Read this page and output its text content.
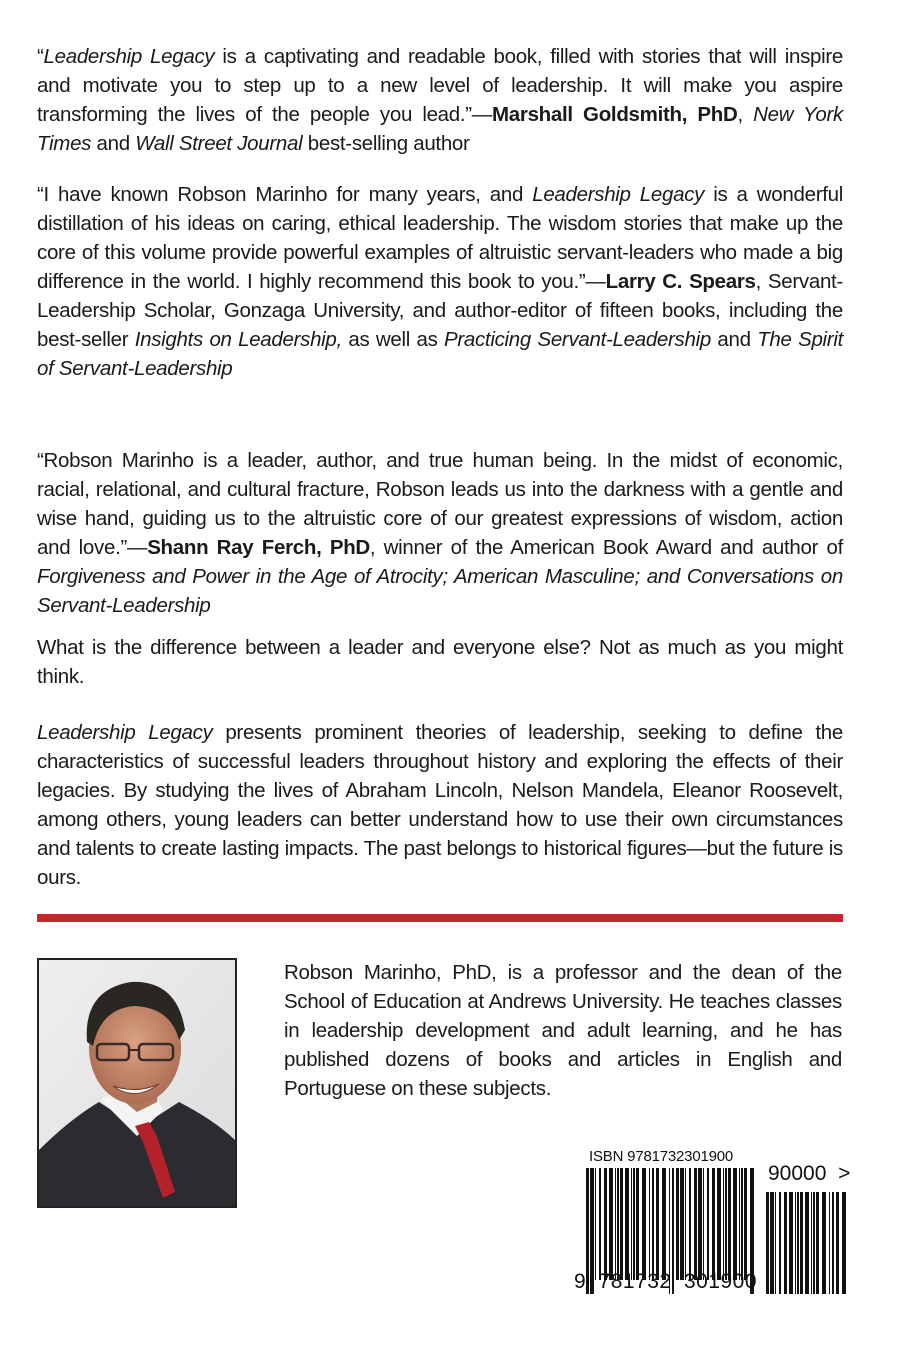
“Leadership Legacy is a captivating and readable book, filled with stories that will inspire and motivate you to step up to a new level of leadership. It will make you aspire transforming the lives of the people you lead.”—Marshall Goldsmith, PhD, New York Times and Wall Street Journal best-selling author

“I have known Robson Marinho for many years, and Leadership Legacy is a wonderful distillation of his ideas on caring, ethical leadership. The wisdom stories that make up the core of this volume provide powerful examples of altruistic servant-leaders who made a big difference in the world. I highly recommend this book to you.”—Larry C. Spears, Servant-Leadership Scholar, Gonzaga University, and author-editor of fifteen books, including the best-seller Insights on Leadership, as well as Practicing Servant-Leadership and The Spirit of Servant-Leadership

“Robson Marinho is a leader, author, and true human being. In the midst of economic, racial, relational, and cultural fracture, Robson leads us into the darkness with a gentle and wise hand, guiding us to the altruistic core of our greatest expressions of wisdom, action and love.”—Shann Ray Ferch, PhD, winner of the American Book Award and author of Forgiveness and Power in the Age of Atrocity; American Masculine; and Conversations on Servant-Leadership

What is the difference between a leader and everyone else? Not as much as you might think.

Leadership Legacy presents prominent theories of leadership, seeking to define the characteristics of successful leaders throughout history and exploring the effects of their legacies. By studying the lives of Abraham Lincoln, Nelson Mandela, Eleanor Roosevelt, among others, young leaders can better understand how to use their own circumstances and talents to create lasting impacts. The past belongs to historical figures—but the future is ours.

Robson Marinho, PhD, is a professor and the dean of the School of Education at Andrews University. He teaches classes in leadership development and adult learning, and he has published dozens of books and articles in English and Portuguese on these subjects.

ISBN 9781732301900
90000 >
9 781732 301900
